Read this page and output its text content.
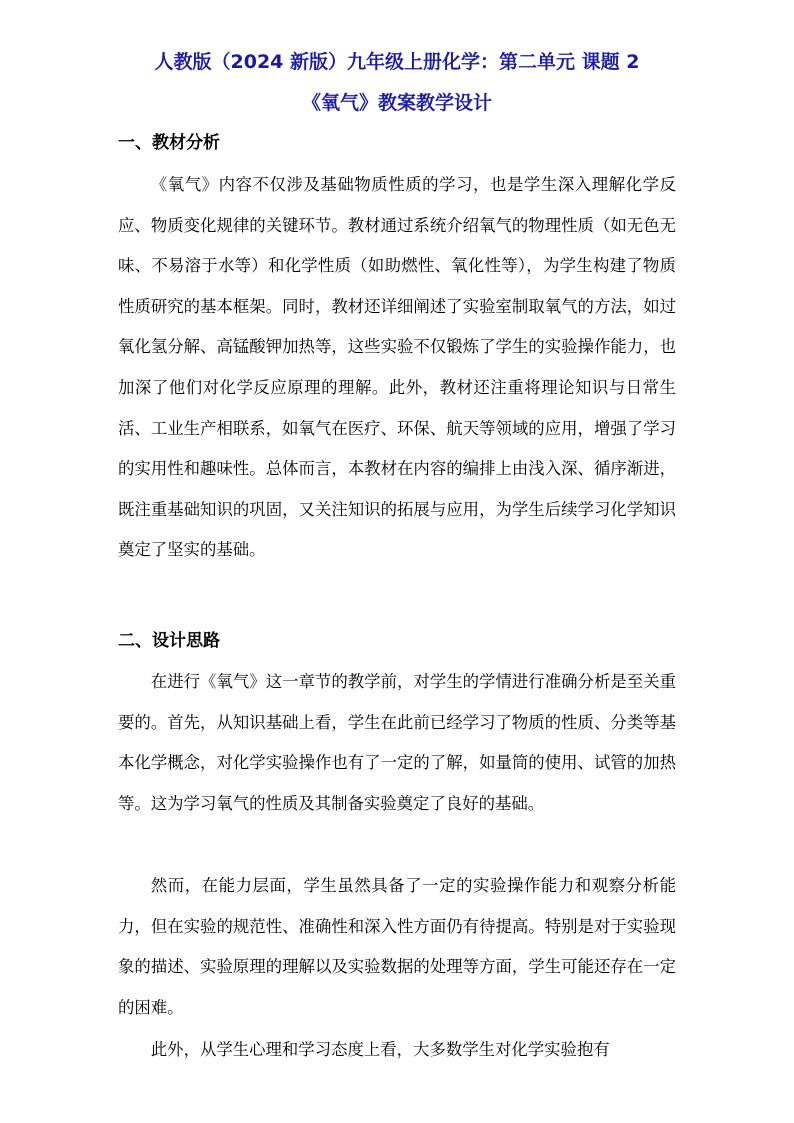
人教版（2024 新版）九年级上册化学：第二单元 课题 2
《氧气》教案教学设计
一、教材分析

《氧气》内容不仅涉及基础物质性质的学习，也是学生深入理解化学反应、物质变化规律的关键环节。教材通过系统介绍氧气的物理性质（如无色无味、不易溶于水等）和化学性质（如助燃性、氧化性等），为学生构建了物质性质研究的基本框架。同时，教材还详细阐述了实验室制取氧气的方法，如过氧化氢分解、高锰酸钾加热等，这些实验不仅锻炼了学生的实验操作能力，也加深了他们对化学反应原理的理解。此外，教材还注重将理论知识与日常生活、工业生产相联系，如氧气在医疗、环保、航天等领域的应用，增强了学习的实用性和趣味性。总体而言，本教材在内容的编排上由浅入深、循序渐进，既注重基础知识的巩固，又关注知识的拓展与应用，为学生后续学习化学知识奠定了坚实的基础。

二、设计思路

在进行《氧气》这一章节的教学前，对学生的学情进行准确分析是至关重要的。首先，从知识基础上看，学生在此前已经学习了物质的性质、分类等基本化学概念，对化学实验操作也有了一定的了解，如量筒的使用、试管的加热等。这为学习氧气的性质及其制备实验奠定了良好的基础。

然而，在能力层面，学生虽然具备了一定的实验操作能力和观察分析能力，但在实验的规范性、准确性和深入性方面仍有待提高。特别是对于实验现象的描述、实验原理的理解以及实验数据的处理等方面，学生可能还存在一定的困难。

此外，从学生心理和学习态度上看，大多数学生对化学实验抱有
